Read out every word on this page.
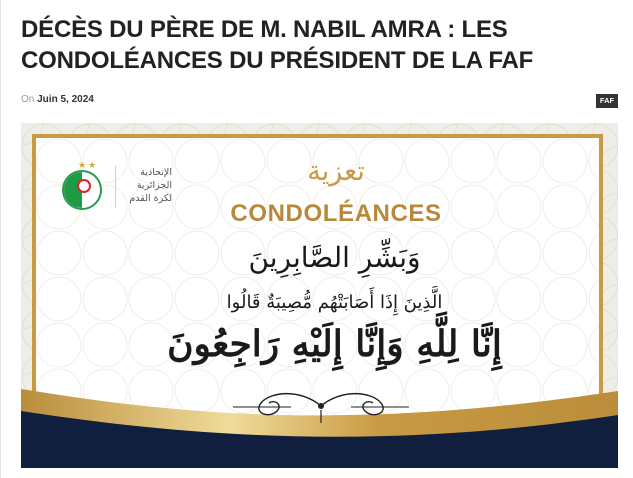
DÉCÈS DU PÈRE DE M. NABIL AMRA : LES CONDOLÉANCES DU PRÉSIDENT DE LA FAF
On Juin 5, 2024	FAF
★★
الإتحادية
الجزائرية
لكرة القدم
تعزية
CONDOLÉANCES
وَبَشِّرِ الصَّابِرِينَ
الَّذِينَ إِذَا أَصَابَتْهُم مُّصِيبَةٌ قَالُوا
إِنَّا لِلَّهِ وَإِنَّا إِلَيْهِ رَاجِعُونَ
